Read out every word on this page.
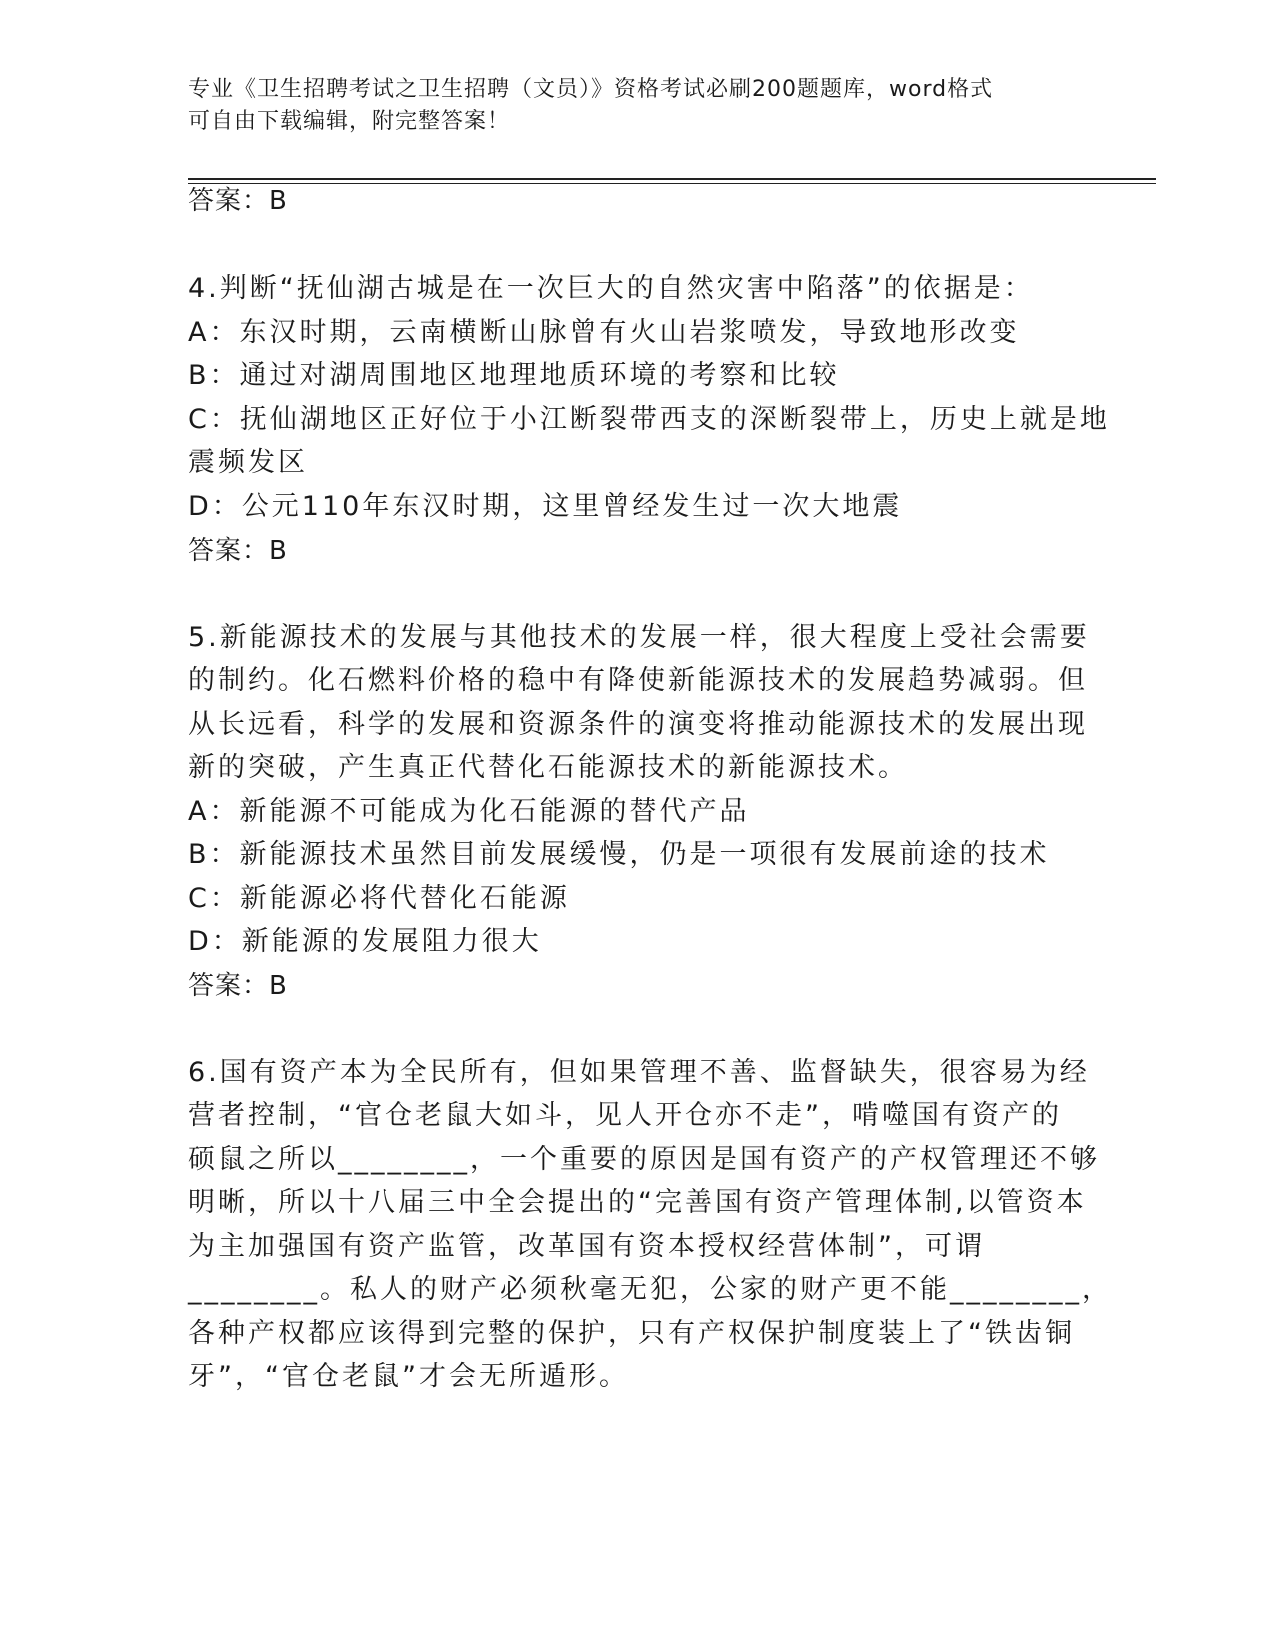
专业《卫生招聘考试之卫生招聘（文员）》资格考试必刷200题题库，word格式
可自由下载编辑，附完整答案！
答案：B
4.判断“抚仙湖古城是在一次巨大的自然灾害中陷落”的依据是：
A：东汉时期，云南横断山脉曾有火山岩浆喷发，导致地形改变
B：通过对湖周围地区地理地质环境的考察和比较
C：抚仙湖地区正好位于小江断裂带西支的深断裂带上，历史上就是地
震频发区
D：公元110年东汉时期，这里曾经发生过一次大地震
答案：B
5.新能源技术的发展与其他技术的发展一样，很大程度上受社会需要
的制约。化石燃料价格的稳中有降使新能源技术的发展趋势减弱。但
从长远看，科学的发展和资源条件的演变将推动能源技术的发展出现
新的突破，产生真正代替化石能源技术的新能源技术。
A：新能源不可能成为化石能源的替代产品
B：新能源技术虽然目前发展缓慢，仍是一项很有发展前途的技术
C：新能源必将代替化石能源
D：新能源的发展阻力很大
答案：B
6.国有资产本为全民所有，但如果管理不善、监督缺失，很容易为经
营者控制，“官仓老鼠大如斗，见人开仓亦不走”，啃噬国有资产的
硕鼠之所以________，一个重要的原因是国有资产的产权管理还不够
明晰，所以十八届三中全会提出的“完善国有资产管理体制,以管资本
为主加强国有资产监管，改革国有资本授权经营体制”，可谓
________。私人的财产必须秋毫无犯，公家的财产更不能________，
各种产权都应该得到完整的保护，只有产权保护制度装上了“铁齿铜
牙”，“官仓老鼠”才会无所遁形。
